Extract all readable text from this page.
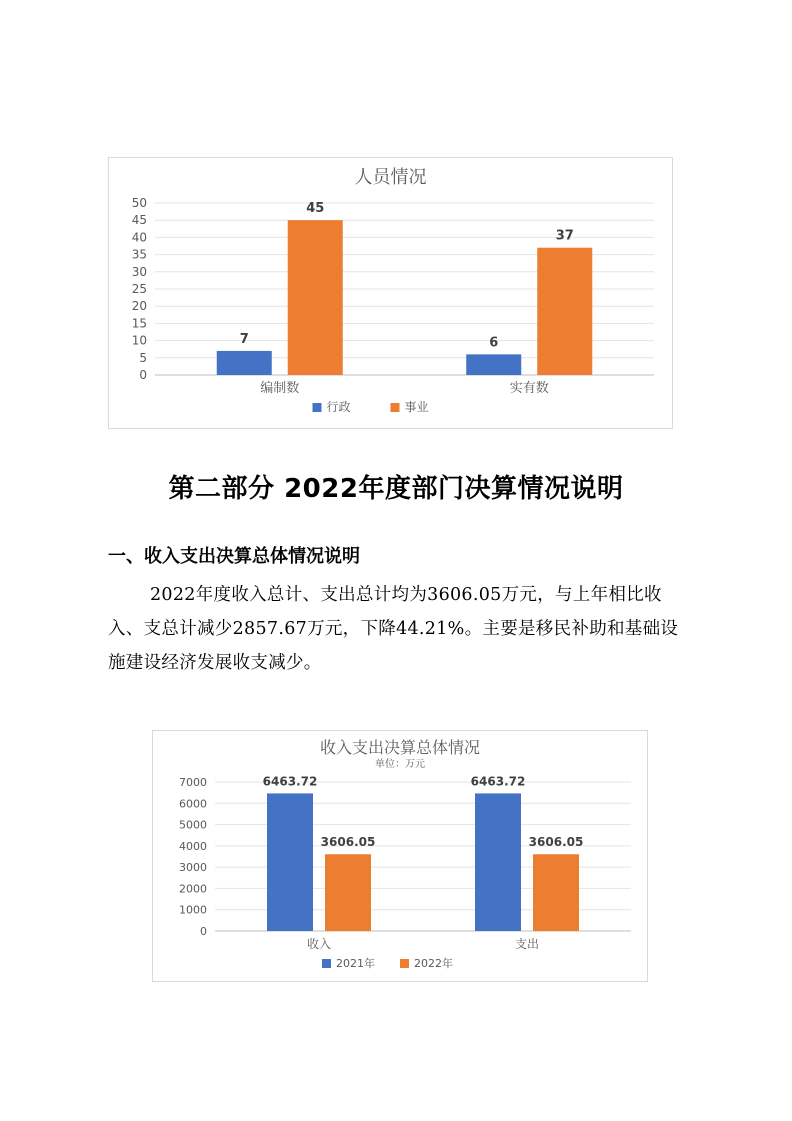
人员情况
0
5
10
15
20
25
30
35
40
45
50
编制数
7
45
实有数
6
37
行政	事业
第二部分 2022年度部门决算情况说明
一、收入支出决算总体情况说明
2022年度收入总计、支出总计均为3606.05万元，与上年相比收入、支总计减少2857.67万元，下降44.21%。主要是移民补助和基础设施建设经济发展收支减少。
收入支出决算总体情况
单位：万元
0
1000
2000
3000
4000
5000
6000
7000
收入
6463.72
3606.05
支出
6463.72
3606.05
2021年	2022年
